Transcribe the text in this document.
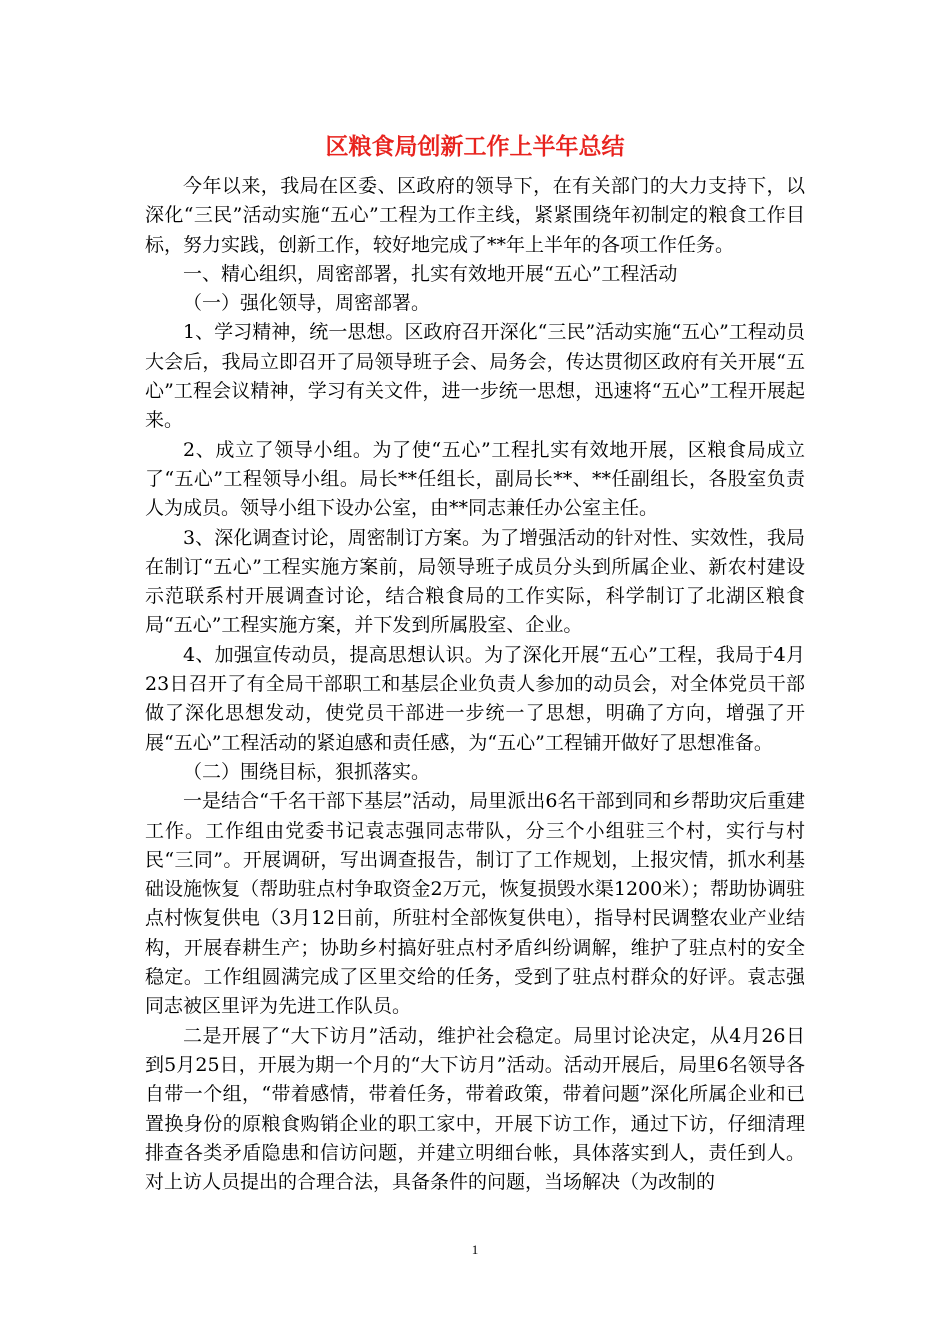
区粮食局创新工作上半年总结

今年以来，我局在区委、区政府的领导下，在有关部门的大力支持下，以深化“三民”活动实施“五心”工程为工作主线，紧紧围绕年初制定的粮食工作目标，努力实践，创新工作，较好地完成了**年上半年的各项工作任务。

一、精心组织，周密部署，扎实有效地开展“五心”工程活动

（一）强化领导，周密部署。

1、学习精神，统一思想。区政府召开深化“三民”活动实施“五心”工程动员大会后，我局立即召开了局领导班子会、局务会，传达贯彻区政府有关开展“五心”工程会议精神，学习有关文件，进一步统一思想，迅速将“五心”工程开展起来。

2、成立了领导小组。为了使“五心”工程扎实有效地开展，区粮食局成立了“五心”工程领导小组。局长**任组长，副局长**、**任副组长，各股室负责人为成员。领导小组下设办公室，由**同志兼任办公室主任。

3、深化调查讨论，周密制订方案。为了增强活动的针对性、实效性，我局在制订“五心”工程实施方案前，局领导班子成员分头到所属企业、新农村建设示范联系村开展调查讨论，结合粮食局的工作实际，科学制订了北湖区粮食局“五心”工程实施方案，并下发到所属股室、企业。

4、加强宣传动员，提高思想认识。为了深化开展“五心”工程，我局于4月23日召开了有全局干部职工和基层企业负责人参加的动员会，对全体党员干部做了深化思想发动，使党员干部进一步统一了思想，明确了方向，增强了开展“五心”工程活动的紧迫感和责任感，为“五心”工程铺开做好了思想准备。

（二）围绕目标，狠抓落实。

一是结合“千名干部下基层”活动，局里派出6名干部到同和乡帮助灾后重建工作。工作组由党委书记袁志强同志带队，分三个小组驻三个村，实行与村民“三同”。开展调研，写出调查报告，制订了工作规划，上报灾情，抓水利基础设施恢复（帮助驻点村争取资金2万元，恢复损毁水渠1200米）；帮助协调驻点村恢复供电（3月12日前，所驻村全部恢复供电），指导村民调整农业产业结构，开展春耕生产；协助乡村搞好驻点村矛盾纠纷调解，维护了驻点村的安全稳定。工作组圆满完成了区里交给的任务，受到了驻点村群众的好评。袁志强同志被区里评为先进工作队员。

二是开展了“大下访月”活动，维护社会稳定。局里讨论决定，从4月26日到5月25日，开展为期一个月的“大下访月”活动。活动开展后，局里6名领导各自带一个组，“带着感情，带着任务，带着政策，带着问题”深化所属企业和已置换身份的原粮食购销企业的职工家中，开展下访工作，通过下访，仔细清理排查各类矛盾隐患和信访问题，并建立明细台帐，具体落实到人，责任到人。对上访人员提出的合理合法，具备条件的问题，当场解决（为改制的

1
